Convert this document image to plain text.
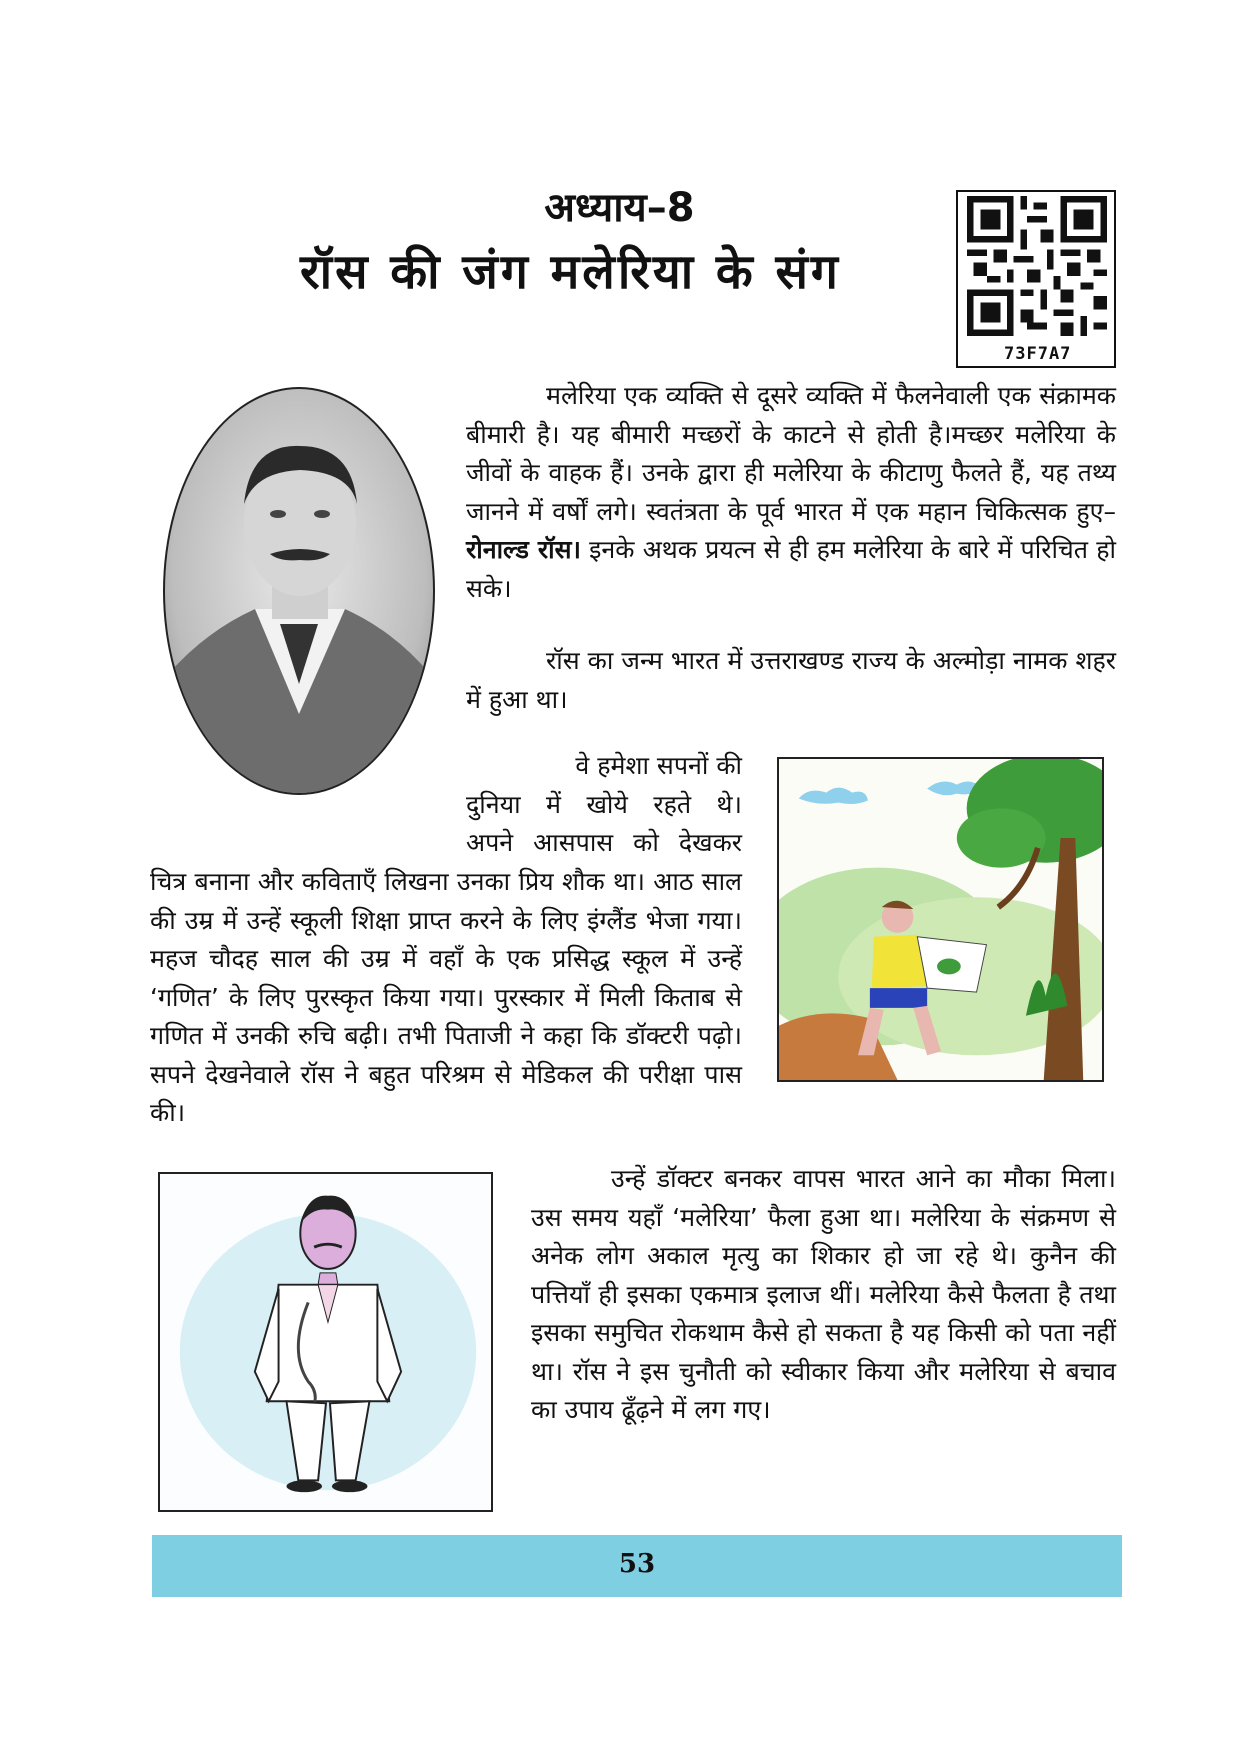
अध्याय–8
रॉस की जंग मलेरिया के संग
73F7A7

मलेरिया एक व्यक्ति से दूसरे व्यक्ति में फैलनेवाली एक संक्रामक बीमारी है। यह बीमारी मच्छरों के काटने से होती है।मच्छर मलेरिया के जीवों के वाहक हैं। उनके द्वारा ही मलेरिया के कीटाणु फैलते हैं, यह तथ्य जानने में वर्षों लगे। स्वतंत्रता के पूर्व भारत में एक महान चिकित्सक हुए– रोनाल्ड रॉस। इनके अथक प्रयत्न से ही हम मलेरिया के बारे में परिचित हो सके।

रॉस का जन्म भारत में उत्तराखण्ड राज्य के अल्मोड़ा नामक शहर में हुआ था।

वे हमेशा सपनों की
दुनिया में खोये रहते थे।
अपने आसपास को देखकर

चित्र बनाना और कविताएँ लिखना उनका प्रिय शौक था। आठ साल की उम्र में उन्हें स्कूली शिक्षा प्राप्त करने के लिए इंग्लैंड भेजा गया। महज चौदह साल की उम्र में वहाँ के एक प्रसिद्ध स्कूल में उन्हें ‘गणित’ के लिए पुरस्कृत किया गया। पुरस्कार में मिली किताब से गणित में उनकी रुचि बढ़ी। तभी पिताजी ने कहा कि डॉक्टरी पढ़ो। सपने देखनेवाले रॉस ने बहुत परिश्रम से मेडिकल की परीक्षा पास की।

उन्हें डॉक्टर बनकर वापस भारत आने का मौका मिला। उस समय यहाँ ‘मलेरिया’ फैला हुआ था। मलेरिया के संक्रमण से अनेक लोग अकाल मृत्यु का शिकार हो जा रहे थे। कुनैन की पत्तियाँ ही इसका एकमात्र इलाज थीं। मलेरिया कैसे फैलता है तथा इसका समुचित रोकथाम कैसे हो सकता है यह किसी को पता नहीं था। रॉस ने इस चुनौती को स्वीकार किया और मलेरिया से बचाव का उपाय ढूँढ़ने में लग गए।

53
